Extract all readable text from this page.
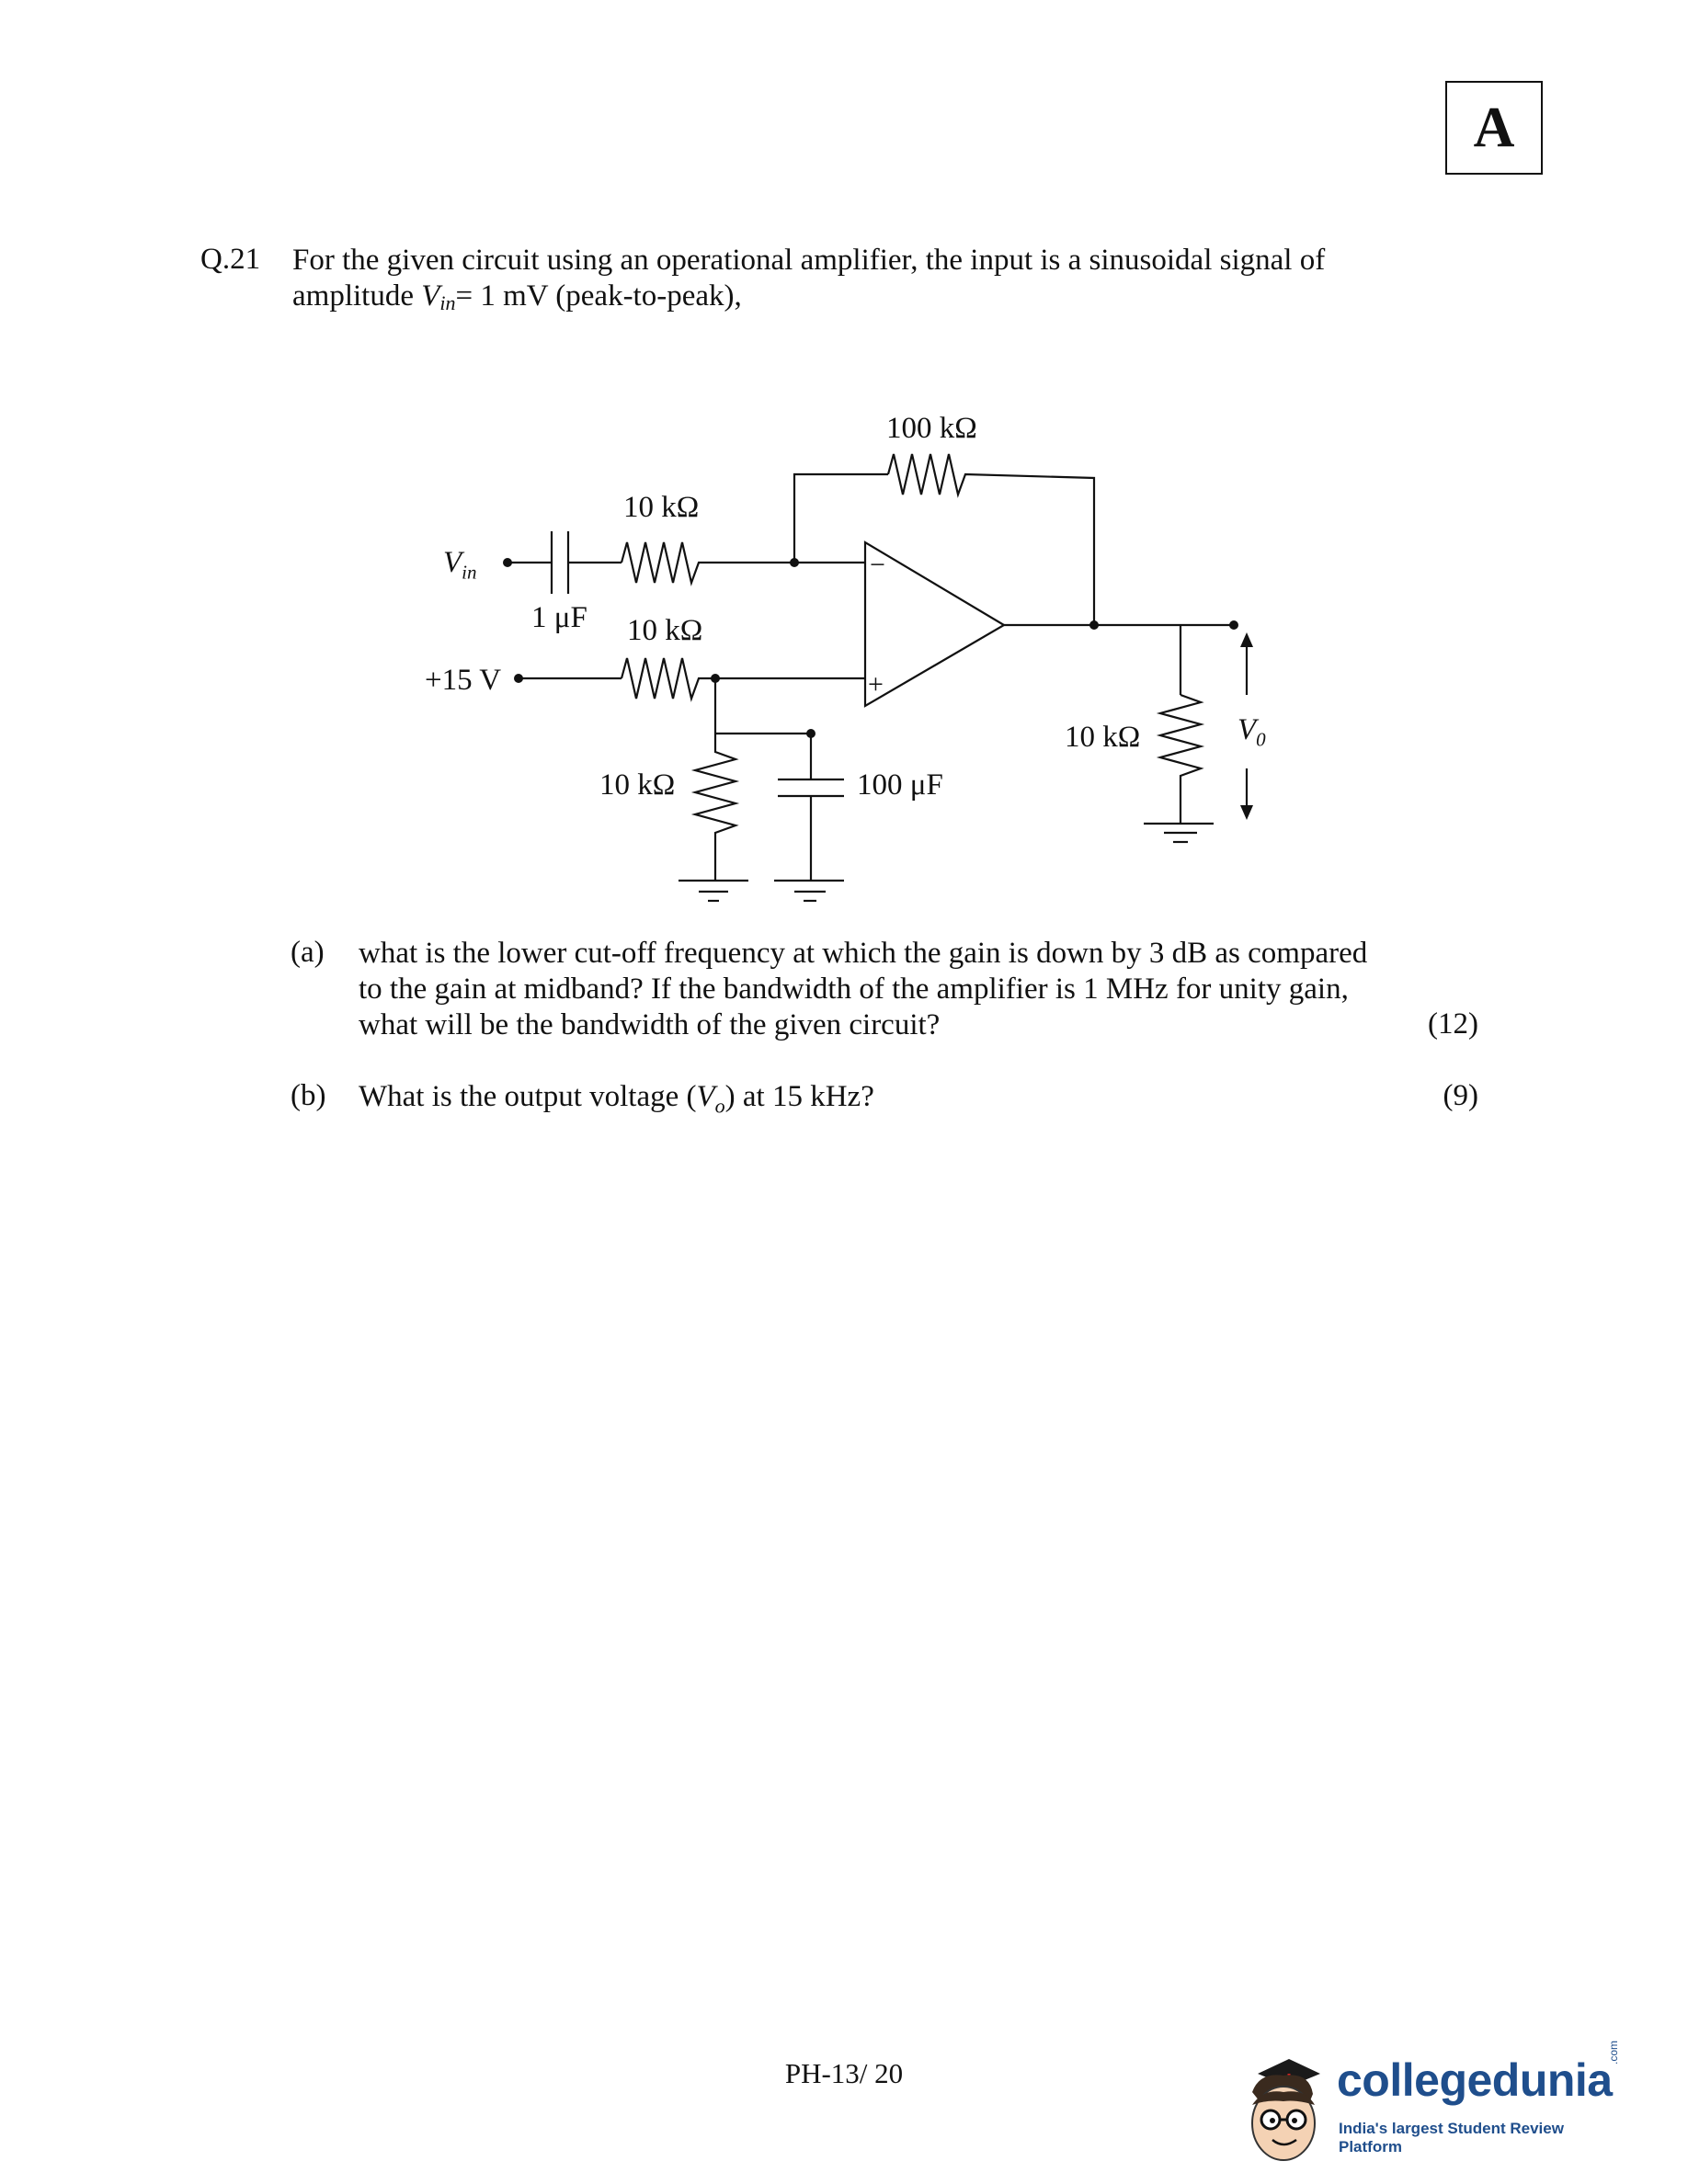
A
Q.21 For the given circuit using an operational amplifier, the input is a sinusoidal signal of
amplitude $V_{in}= 1$ mV (peak-to-peak),
−
+
$V_{in}$
+15 V
1 μF
10 kΩ
100 kΩ
10 kΩ
10 kΩ	100 μF
10 kΩ	$V_0$
(a) what is the lower cut-off frequency at which the gain is down by 3 dB as compared
to the gain at midband? If the bandwidth of the amplifier is 1 MHz for unity gain,
what will be the bandwidth of the given circuit?	(12)
(b) What is the output voltage $(V_o)$ at 15 kHz?	(9)
PH-13/ 20	collegedunia
.com
India's largest Student Review Platform
